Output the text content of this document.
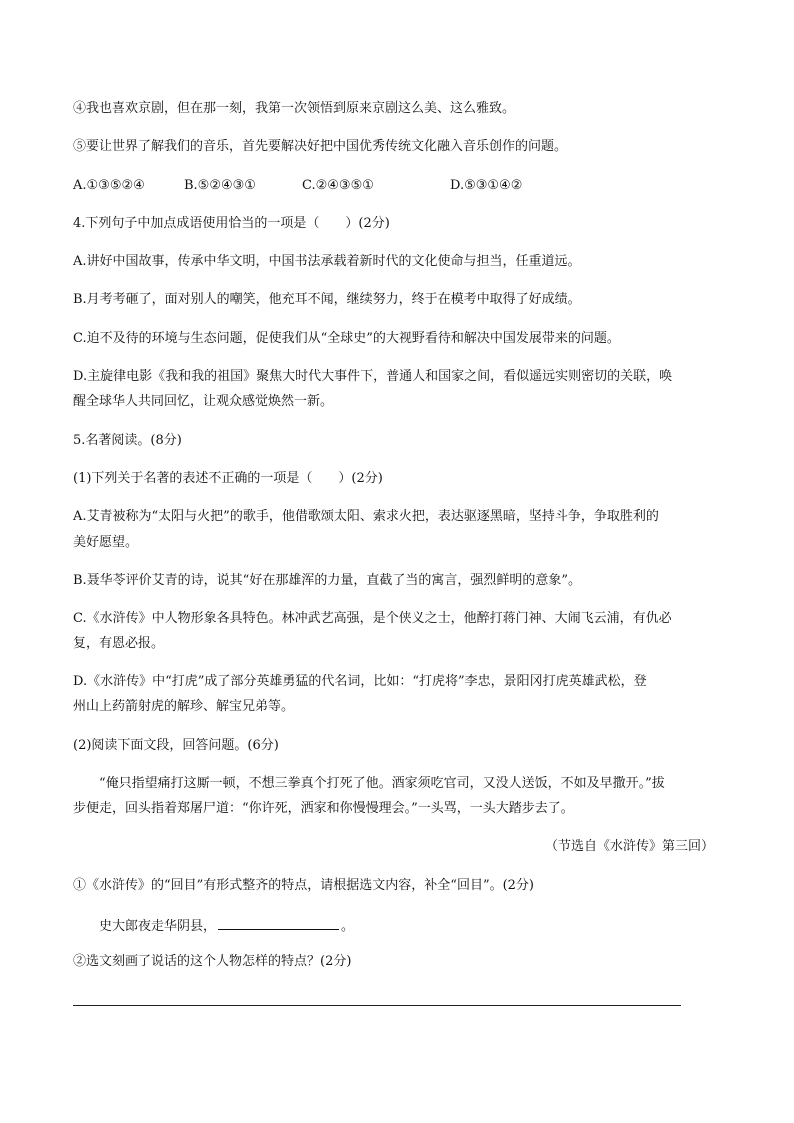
④我也喜欢京剧，但在那一刻，我第一次领悟到原来京剧这么美、这么雅致。
⑤要让世界了解我们的音乐，首先要解决好把中国优秀传统文化融入音乐创作的问题。
A.①③⑤②④	B.⑤②④③①	C.②④③⑤①	D.⑤③①④②
4.下列句子中加点成语使用恰当的一项是（　　）(2分)
A.讲好中国故事，传承中华文明，中国书法承载着新时代的文化使命与担当，任重道远。
B.月考考砸了，面对别人的嘲笑，他充耳不闻，继续努力，终于在模考中取得了好成绩。
C.迫不及待的环境与生态问题，促使我们从“全球史”的大视野看待和解决中国发展带来的问题。
D.主旋律电影《我和我的祖国》聚焦大时代大事件下，普通人和国家之间，看似遥远实则密切的关联，唤
醒全球华人共同回忆，让观众感觉焕然一新。
5.名著阅读。(8分)
(1)下列关于名著的表述不正确的一项是（　　）(2分)
A.艾青被称为“太阳与火把”的歌手，他借歌颂太阳、索求火把，表达驱逐黑暗，坚持斗争，争取胜利的
美好愿望。
B.聂华苓评价艾青的诗，说其“好在那雄浑的力量，直截了当的寓言，强烈鲜明的意象”。
C.《水浒传》中人物形象各具特色。林冲武艺高强，是个侠义之士，他醉打蒋门神、大闹飞云浦，有仇必
复，有恩必报。
D.《水浒传》中“打虎”成了部分英雄勇猛的代名词，比如：“打虎将”李忠，景阳冈打虎英雄武松，登
州山上药箭射虎的解珍、解宝兄弟等。
(2)阅读下面文段，回答问题。(6分)
“俺只指望痛打这厮一顿，不想三拳真个打死了他。酒家须吃官司，又没人送饭，不如及早撒开。”拔
步便走，回头指着郑屠尸道：“你许死，洒家和你慢慢理会。”一头骂，一头大踏步去了。
（节选自《水浒传》第三回）
①《水浒传》的“回目”有形式整齐的特点，请根据选文内容，补全“回目”。(2分)
史大郎夜走华阴县，	。
②选文刻画了说话的这个人物怎样的特点？(2分)
